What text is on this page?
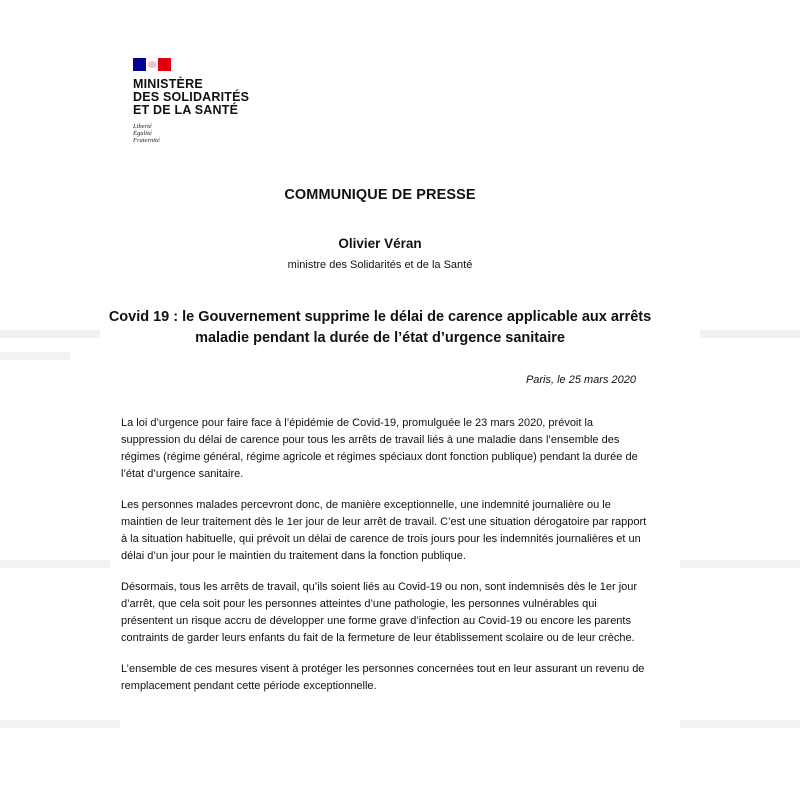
MINISTÈRE
DES SOLIDARITÉS
ET DE LA SANTÉ
Liberté
Égalité
Fraternité
COMMUNIQUE DE PRESSE
Olivier Véran
ministre des Solidarités et de la Santé
Covid 19 : le Gouvernement supprime le délai de carence applicable aux arrêts maladie pendant la durée de l’état d’urgence sanitaire
Paris, le 25 mars 2020

La loi d’urgence pour faire face à l’épidémie de Covid-19, promulguée le 23 mars 2020, prévoit la suppression du délai de carence pour tous les arrêts de travail liés à une maladie dans l’ensemble des régimes (régime général, régime agricole et régimes spéciaux dont fonction publique) pendant la durée de l’état d’urgence sanitaire.

Les personnes malades percevront donc, de manière exceptionnelle, une indemnité journalière ou le maintien de leur traitement dès le 1er jour de leur arrêt de travail. C’est une situation dérogatoire par rapport à la situation habituelle, qui prévoit un délai de carence de trois jours pour les indemnités journalières et un délai d’un jour pour le maintien du traitement dans la fonction publique.

Désormais, tous les arrêts de travail, qu’ils soient liés au Covid-19 ou non, sont indemnisés dès le 1er jour d’arrêt, que cela soit pour les personnes atteintes d’une pathologie, les personnes vulnérables qui présentent un risque accru de développer une forme grave d’infection au Covid-19 ou encore les parents contraints de garder leurs enfants du fait de la fermeture de leur établissement scolaire ou de leur crèche.

L’ensemble de ces mesures visent à protéger les personnes concernées tout en leur assurant un revenu de remplacement pendant cette période exceptionnelle.
